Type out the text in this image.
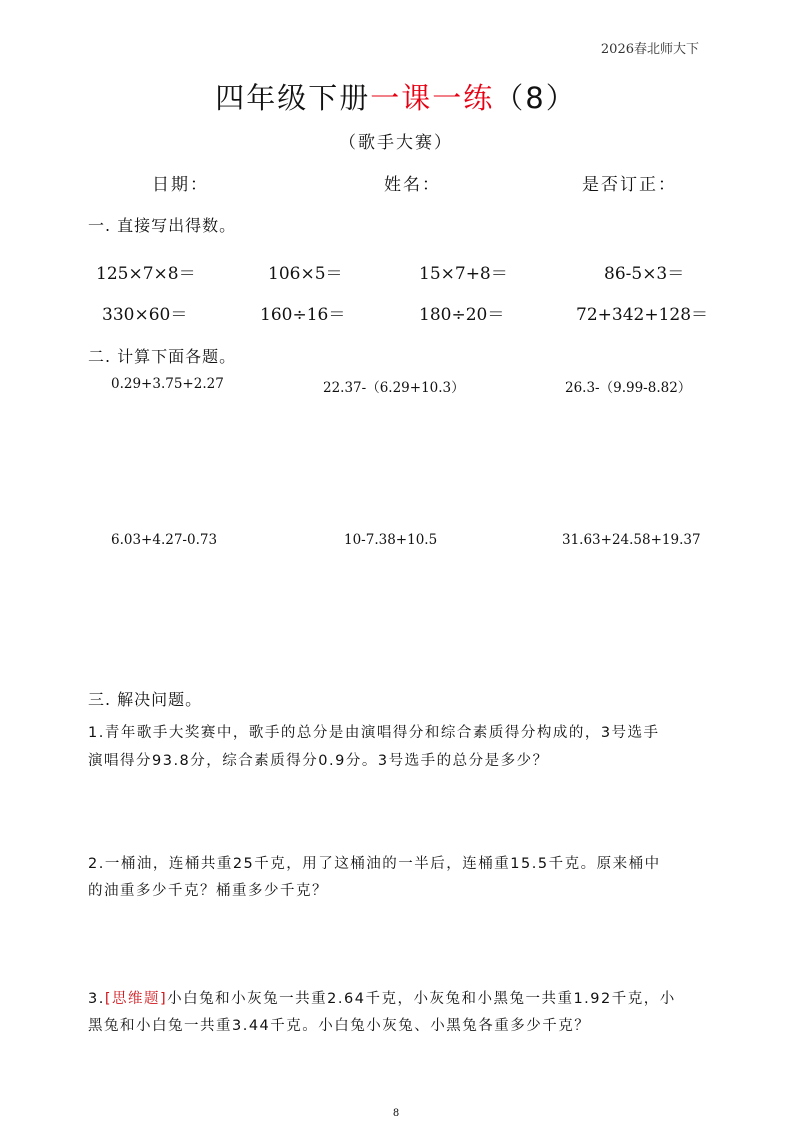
2026春北师大下
四年级下册一课一练（8）
（歌手大赛）
日期：	姓名：	是否订正：
一. 直接写出得数。
125×7×8＝	106×5＝	15×7+8＝	86-5×3＝
330×60＝	160÷16＝	180÷20＝	72+342+128＝
二. 计算下面各题。
0.29+3.75+2.27	22.37-（6.29+10.3）	26.3-（9.99-8.82）
6.03+4.27-0.73	10-7.38+10.5	31.63+24.58+19.37
三. 解决问题。
1.青年歌手大奖赛中，歌手的总分是由演唱得分和综合素质得分构成的，3号选手
演唱得分93.8分，综合素质得分0.9分。3号选手的总分是多少？
2.一桶油，连桶共重25千克，用了这桶油的一半后，连桶重15.5千克。原来桶中
的油重多少千克？桶重多少千克？
3.[思维题]小白兔和小灰兔一共重2.64千克，小灰兔和小黑兔一共重1.92千克，小
黑兔和小白兔一共重3.44千克。小白兔小灰兔、小黑兔各重多少千克？
8
